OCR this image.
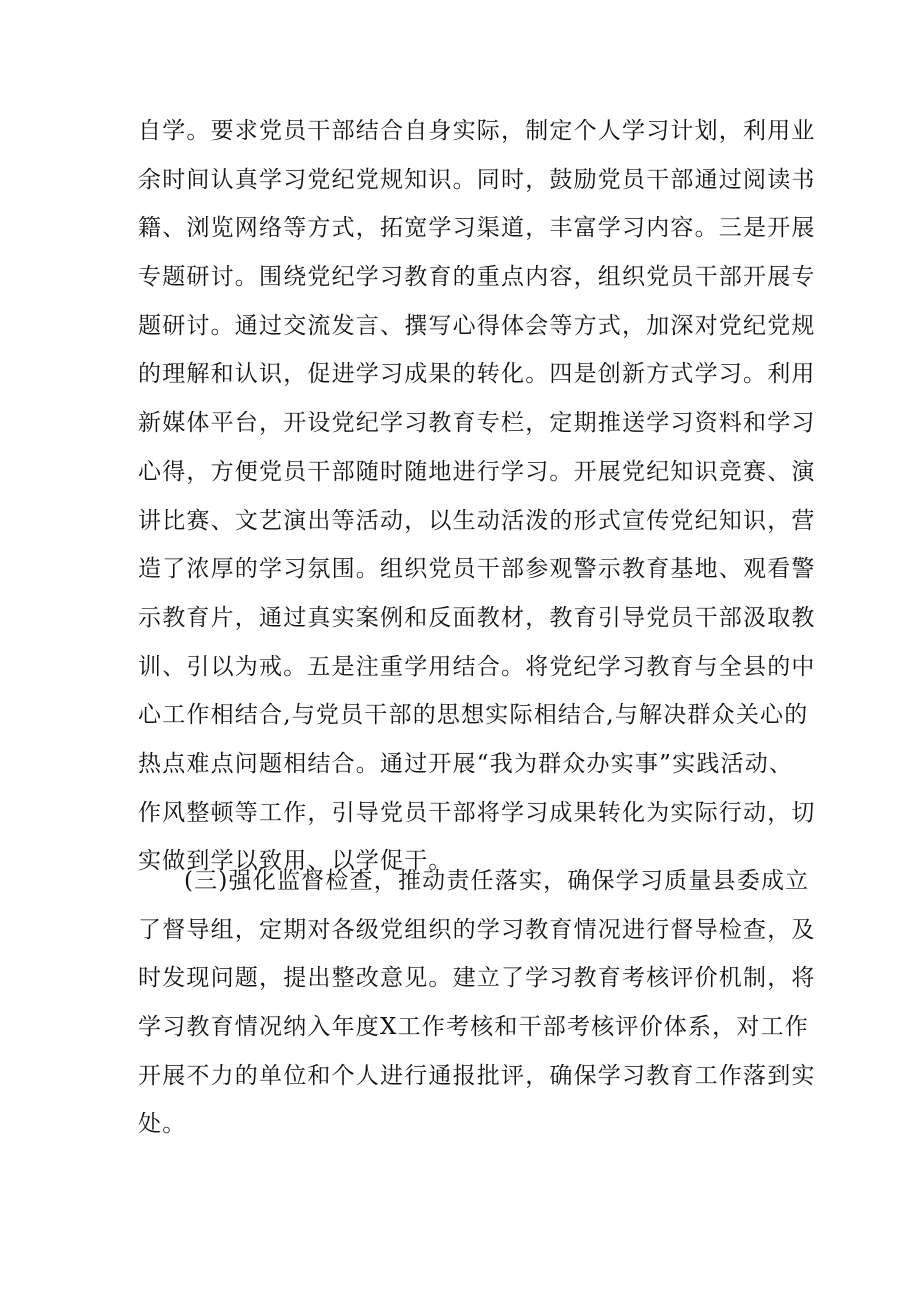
自学。要求党员干部结合自身实际，制定个人学习计划，利用业
余时间认真学习党纪党规知识。同时，鼓励党员干部通过阅读书
籍、浏览网络等方式，拓宽学习渠道，丰富学习内容。三是开展
专题研讨。围绕党纪学习教育的重点内容，组织党员干部开展专
题研讨。通过交流发言、撰写心得体会等方式，加深对党纪党规
的理解和认识，促进学习成果的转化。四是创新方式学习。利用
新媒体平台，开设党纪学习教育专栏，定期推送学习资料和学习
心得，方便党员干部随时随地进行学习。开展党纪知识竞赛、演
讲比赛、文艺演出等活动，以生动活泼的形式宣传党纪知识，营
造了浓厚的学习氛围。组织党员干部参观警示教育基地、观看警
示教育片，通过真实案例和反面教材，教育引导党员干部汲取教
训、引以为戒。五是注重学用结合。将党纪学习教育与全县的中
心工作相结合,与党员干部的思想实际相结合,与解决群众关心的
热点难点问题相结合。通过开展“我为群众办实事”实践活动、
作风整顿等工作，引导党员干部将学习成果转化为实际行动，切
实做到学以致用、以学促干。
(三)强化监督检查，推动责任落实，确保学习质量县委成立
了督导组，定期对各级党组织的学习教育情况进行督导检查，及
时发现问题，提出整改意见。建立了学习教育考核评价机制，将
学习教育情况纳入年度X工作考核和干部考核评价体系，对工作
开展不力的单位和个人进行通报批评，确保学习教育工作落到实
处。
